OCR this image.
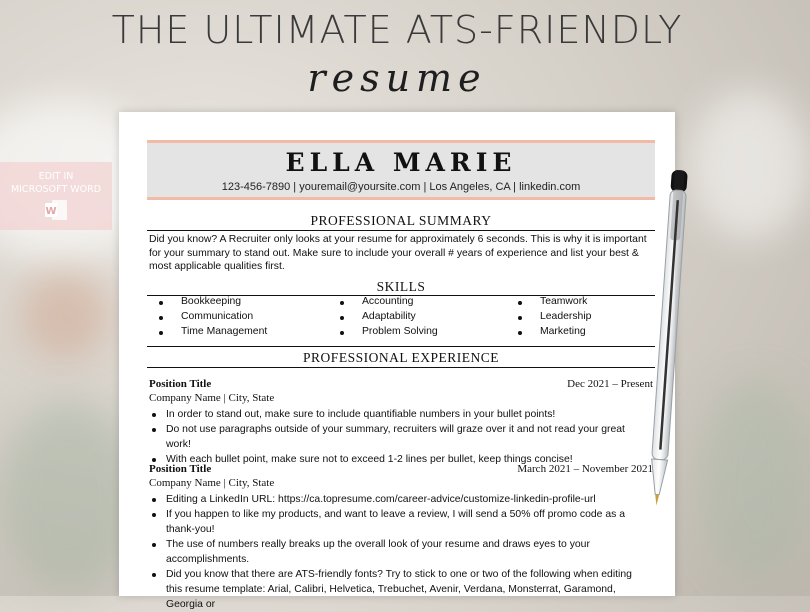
THE ULTIMATE ATS-FRIENDLY
resume
EDIT IN
MICROSOFT WORD
W
ELLA MARIE
123-456-7890 | youremail@yoursite.com | Los Angeles, CA | linkedin.com
PROFESSIONAL SUMMARY
Did you know? A Recruiter only looks at your resume for approximately 6 seconds. This is why it is important for your summary to stand out. Make sure to include your overall # years of experience and list your best & most applicable qualities first.
SKILLS
Bookkeeping
Communication
Time Management
Accounting
Adaptability
Problem Solving
Teamwork
Leadership
Marketing
PROFESSIONAL EXPERIENCE
Position Title	Dec 2021 – Present
Company Name | City, State
In order to stand out, make sure to include quantifiable numbers in your bullet points!
Do not use paragraphs outside of your summary, recruiters will graze over it and not read your great work!
With each bullet point, make sure not to exceed 1-2 lines per bullet, keep things concise!
Position Title	March 2021 – November 2021
Company Name | City, State
Editing a LinkedIn URL: https://ca.topresume.com/career-advice/customize-linkedin-profile-url
If you happen to like my products, and want to leave a review, I will send a 50% off promo code as a thank-you!
The use of numbers really breaks up the overall look of your resume and draws eyes to your accomplishments.
Did you know that there are ATS-friendly fonts? Try to stick to one or two of the following when editing this resume template: Arial, Calibri, Helvetica, Trebuchet, Avenir, Verdana, Monsterrat, Garamond, Georgia or
